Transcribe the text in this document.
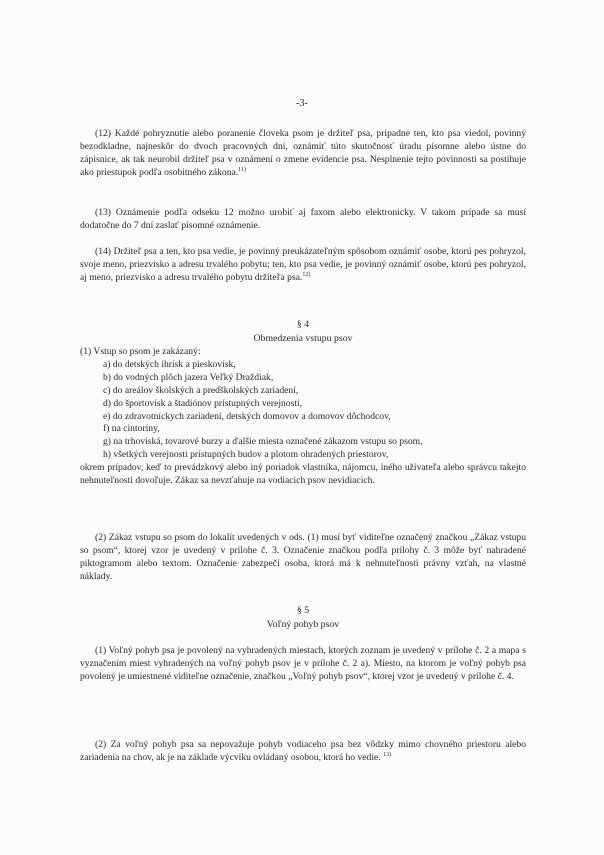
-3-
(12) Každé pohryznutie alebo poranenie človeka psom je držiteľ psa, prípadne ten, kto psa viedol, povinný bezodkladne, najneskôr do dvoch pracovných dní, oznámiť túto skutočnosť úradu písomne alebo ústne do zápisnice, ak tak neurobil držiteľ psa v oznámení o zmene evidencie psa. Nesplnenie tejto povinnosti sa postihuje ako priestupok podľa osobitného zákona.$^{11)}$
(13) Oznámenie podľa odseku 12 možno urobiť aj faxom alebo elektronicky. V takom prípade sa musí dodatočne do 7 dní zaslať písomné oznámenie.
(14) Držiteľ psa a ten, kto psa vedie, je povinný preukázateľným spôsobom oznámiť osobe, ktorú pes pohryzol, svoje meno, priezvisko a adresu trvalého pobytu; ten, kto psa vedie, je povinný oznámiť osobe, ktorú pes pohryzol, aj meno, priezvisko a adresu trvalého pobytu držiteľa psa.$^{12)}$
§ 4
Obmedzenia vstupu psov
(1) Vstup so psom je zakázaný:
a) do detských ihrísk a pieskovísk,
b) do vodných plôch jazera Veľký Draždiak,
c) do areálov školských a predškolských zariadení,
d) do športovísk a štadiónov prístupných verejnosti,
e) do zdravotníckych zariadení, detských domovov a domovov dôchodcov,
f) na cintoríny,
g) na trhoviská, tovarové burzy a ďalšie miesta označené zákazom vstupu so psom,
h) všetkých verejnosti prístupných budov a plotom ohradených priestorov,
okrem prípadov, keď to prevádzkový alebo iný poriadok vlastníka, nájomcu, iného užívateľa alebo správcu takejto nehnuteľnosti dovoľuje. Zákaz sa nevzťahuje na vodiacich psov nevidiacich.
(2) Zákaz vstupu so psom do lokalít uvedených v ods. (1) musí byť viditeľne označený značkou „Zákaz vstupu so psom“, ktorej vzor je uvedený v prílohe č. 3. Označenie značkou podľa prílohy č. 3 môže byť nahradené piktogramom alebo textom. Označenie zabezpečí osoba, ktorá má k nehnuteľnosti právny vzťah, na vlastné náklady.
§ 5
Voľný pohyb psov
(1) Voľný pohyb psa je povolený na vyhradených miestach, ktorých zoznam je uvedený v prílohe č. 2 a mapa s vyznačením miest vyhradených na voľný pohyb psov je v prílohe č. 2 a). Miesto, na ktorom je voľný pohyb psa povolený je umiestnené viditeľne označenie, značkou „Voľný pohyb psov“, ktorej vzor je uvedený v prílohe č. 4.
(2) Za voľný pohyb psa sa nepovažuje pohyb vodiaceho psa bez vôdzky mimo chovného priestoru alebo zariadenia na chov, ak je na základe výcviku ovládaný osobou, ktorá ho vedie. $^{13)}$
